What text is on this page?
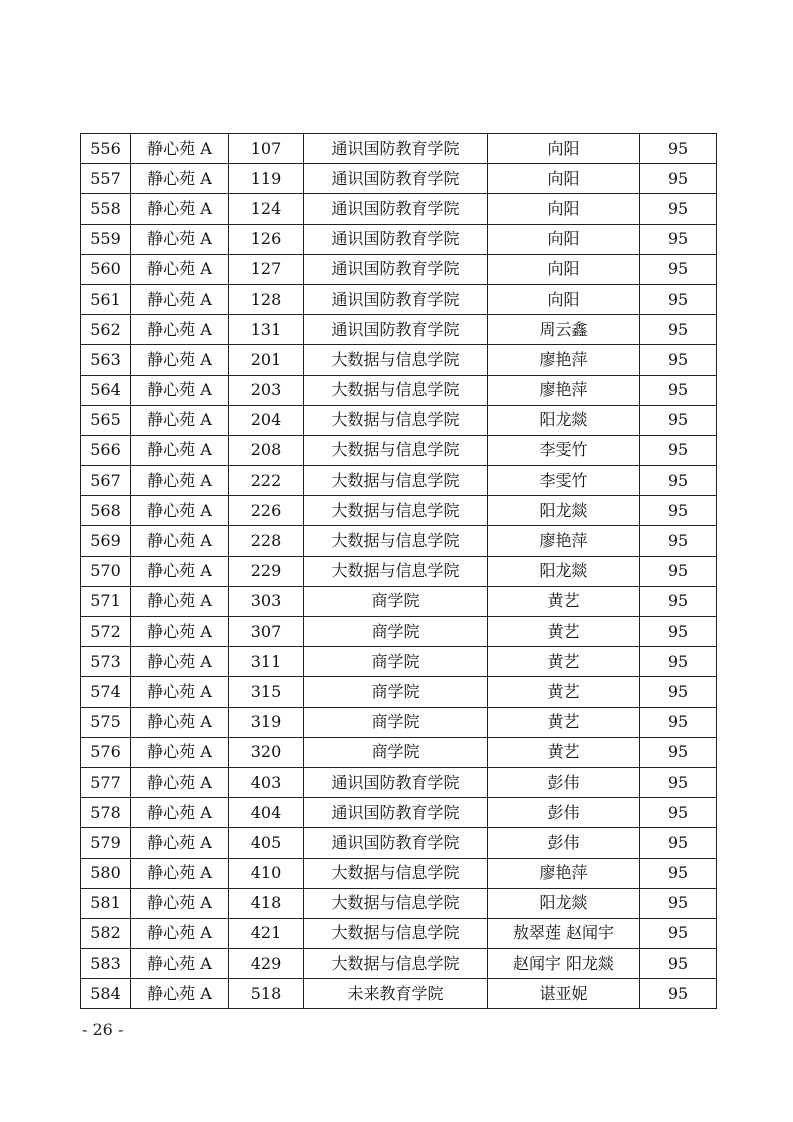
556	静心苑 A	107	通识国防教育学院	向阳	95
557	静心苑 A	119	通识国防教育学院	向阳	95
558	静心苑 A	124	通识国防教育学院	向阳	95
559	静心苑 A	126	通识国防教育学院	向阳	95
560	静心苑 A	127	通识国防教育学院	向阳	95
561	静心苑 A	128	通识国防教育学院	向阳	95
562	静心苑 A	131	通识国防教育学院	周云鑫	95
563	静心苑 A	201	大数据与信息学院	廖艳萍	95
564	静心苑 A	203	大数据与信息学院	廖艳萍	95
565	静心苑 A	204	大数据与信息学院	阳龙燚	95
566	静心苑 A	208	大数据与信息学院	李雯竹	95
567	静心苑 A	222	大数据与信息学院	李雯竹	95
568	静心苑 A	226	大数据与信息学院	阳龙燚	95
569	静心苑 A	228	大数据与信息学院	廖艳萍	95
570	静心苑 A	229	大数据与信息学院	阳龙燚	95
571	静心苑 A	303	商学院	黄艺	95
572	静心苑 A	307	商学院	黄艺	95
573	静心苑 A	311	商学院	黄艺	95
574	静心苑 A	315	商学院	黄艺	95
575	静心苑 A	319	商学院	黄艺	95
576	静心苑 A	320	商学院	黄艺	95
577	静心苑 A	403	通识国防教育学院	彭伟	95
578	静心苑 A	404	通识国防教育学院	彭伟	95
579	静心苑 A	405	通识国防教育学院	彭伟	95
580	静心苑 A	410	大数据与信息学院	廖艳萍	95
581	静心苑 A	418	大数据与信息学院	阳龙燚	95
582	静心苑 A	421	大数据与信息学院	敖翠莲 赵闻宇	95
583	静心苑 A	429	大数据与信息学院	赵闻宇 阳龙燚	95
584	静心苑 A	518	未来教育学院	谌亚妮	95
- 26 -
